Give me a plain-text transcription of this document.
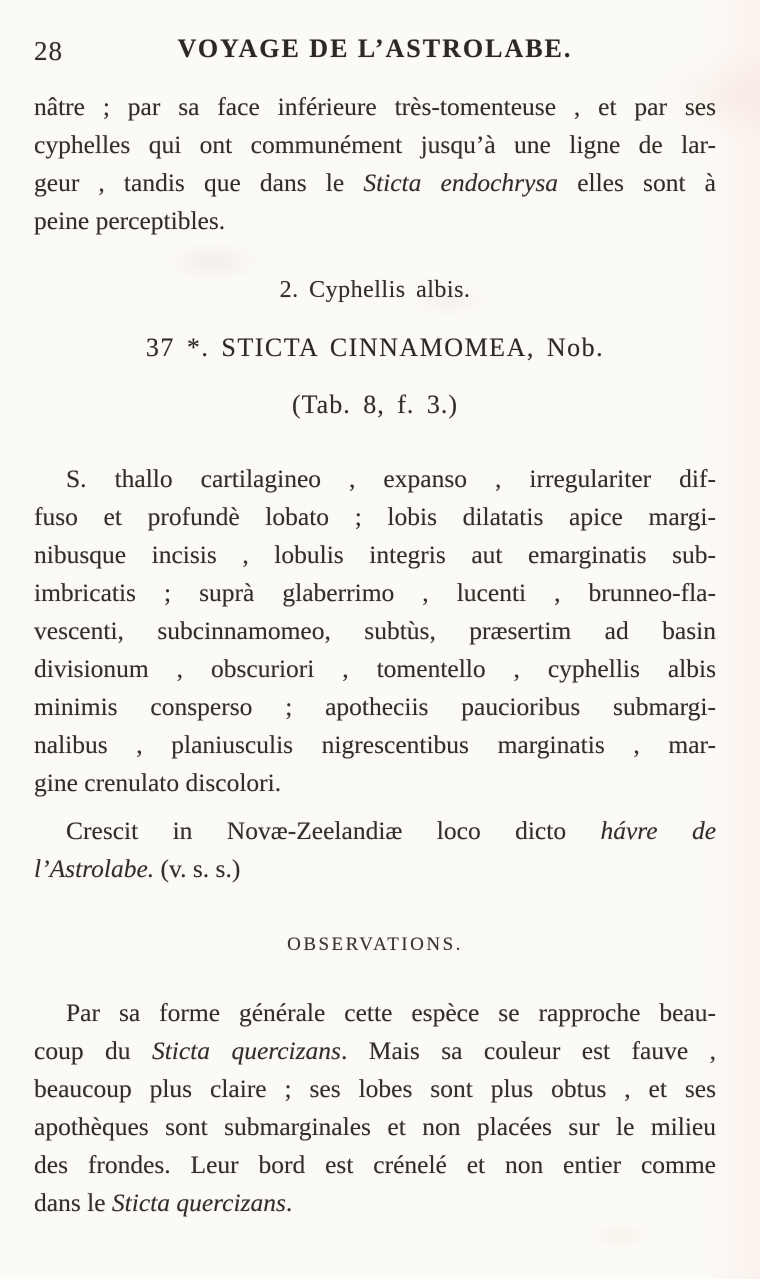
28	VOYAGE DE L’ASTROLABE.
nâtre ; par sa face inférieure très-tomenteuse , et par ses
cyphelles qui ont communément jusqu’à une ligne de lar-
geur , tandis que dans le Sticta endochrysa elles sont à
peine perceptibles.
2. Cyphellis albis.
37 *. STICTA CINNAMOMEA, Nob.
(Tab. 8, f. 3.)
S. thallo cartilagineo , expanso , irregulariter dif-
fuso et profundè lobato ; lobis dilatatis apice margi-
nibusque incisis , lobulis integris aut emarginatis sub-
imbricatis ; suprà glaberrimo , lucenti , brunneo-fla-
vescenti, subcinnamomeo, subtùs, præsertim ad basin
divisionum , obscuriori , tomentello , cyphellis albis
minimis consperso ; apotheciis paucioribus submargi-
nalibus , planiusculis nigrescentibus marginatis , mar-
gine crenulato discolori.
Crescit in Novæ-Zeelandiæ loco dicto hávre de
l’Astrolabe. (v. s. s.)
OBSERVATIONS.
Par sa forme générale cette espèce se rapproche beau-
coup du Sticta quercizans. Mais sa couleur est fauve ,
beaucoup plus claire ; ses lobes sont plus obtus , et ses
apothèques sont submarginales et non placées sur le milieu
des frondes. Leur bord est crénelé et non entier comme
dans le Sticta quercizans.
